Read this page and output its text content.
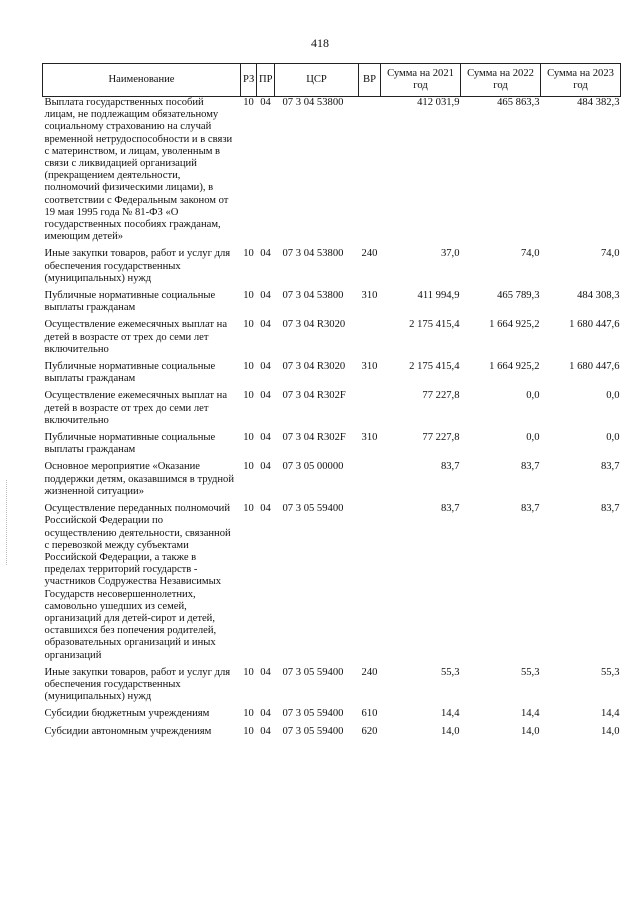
418
Наименование	РЗ	ПР	ЦСР	ВР	Сумма на 2021 год	Сумма на 2022 год	Сумма на 2023 год
Выплата государственных пособий лицам, не подлежащим обязательному социальному страхованию на случай временной нетрудоспособности и в связи с материнством, и лицам, уволенным в связи с ликвидацией организаций (прекращением деятельности, полномочий физическими лицами), в соответствии с Федеральным законом от 19 мая 1995 года № 81-ФЗ «О государственных пособиях гражданам, имеющим детей»	10	04	07 3 04 53800		412 031,9	465 863,3	484 382,3
Иные закупки товаров, работ и услуг для обеспечения государственных (муниципальных) нужд	10	04	07 3 04 53800	240	37,0	74,0	74,0
Публичные нормативные социальные выплаты гражданам	10	04	07 3 04 53800	310	411 994,9	465 789,3	484 308,3
Осуществление ежемесячных выплат на детей в возрасте от трех до семи лет включительно	10	04	07 3 04 R3020		2 175 415,4	1 664 925,2	1 680 447,6
Публичные нормативные социальные выплаты гражданам	10	04	07 3 04 R3020	310	2 175 415,4	1 664 925,2	1 680 447,6
Осуществление ежемесячных выплат на детей в возрасте от трех до семи лет включительно	10	04	07 3 04 R302F		77 227,8	0,0	0,0
Публичные нормативные социальные выплаты гражданам	10	04	07 3 04 R302F	310	77 227,8	0,0	0,0
Основное мероприятие «Оказание поддержки детям, оказавшимся в трудной жизненной ситуации»	10	04	07 3 05 00000		83,7	83,7	83,7
Осуществление переданных полномочий Российской Федерации по осуществлению деятельности, связанной с перевозкой между субъектами Российской Федерации, а также в пределах территорий государств - участников Содружества Независимых Государств несовершеннолетних, самовольно ушедших из семей, организаций для детей-сирот и детей, оставшихся без попечения родителей, образовательных организаций и иных организаций	10	04	07 3 05 59400		83,7	83,7	83,7
Иные закупки товаров, работ и услуг для обеспечения государственных (муниципальных) нужд	10	04	07 3 05 59400	240	55,3	55,3	55,3
Субсидии бюджетным учреждениям	10	04	07 3 05 59400	610	14,4	14,4	14,4
Субсидии автономным учреждениям	10	04	07 3 05 59400	620	14,0	14,0	14,0
